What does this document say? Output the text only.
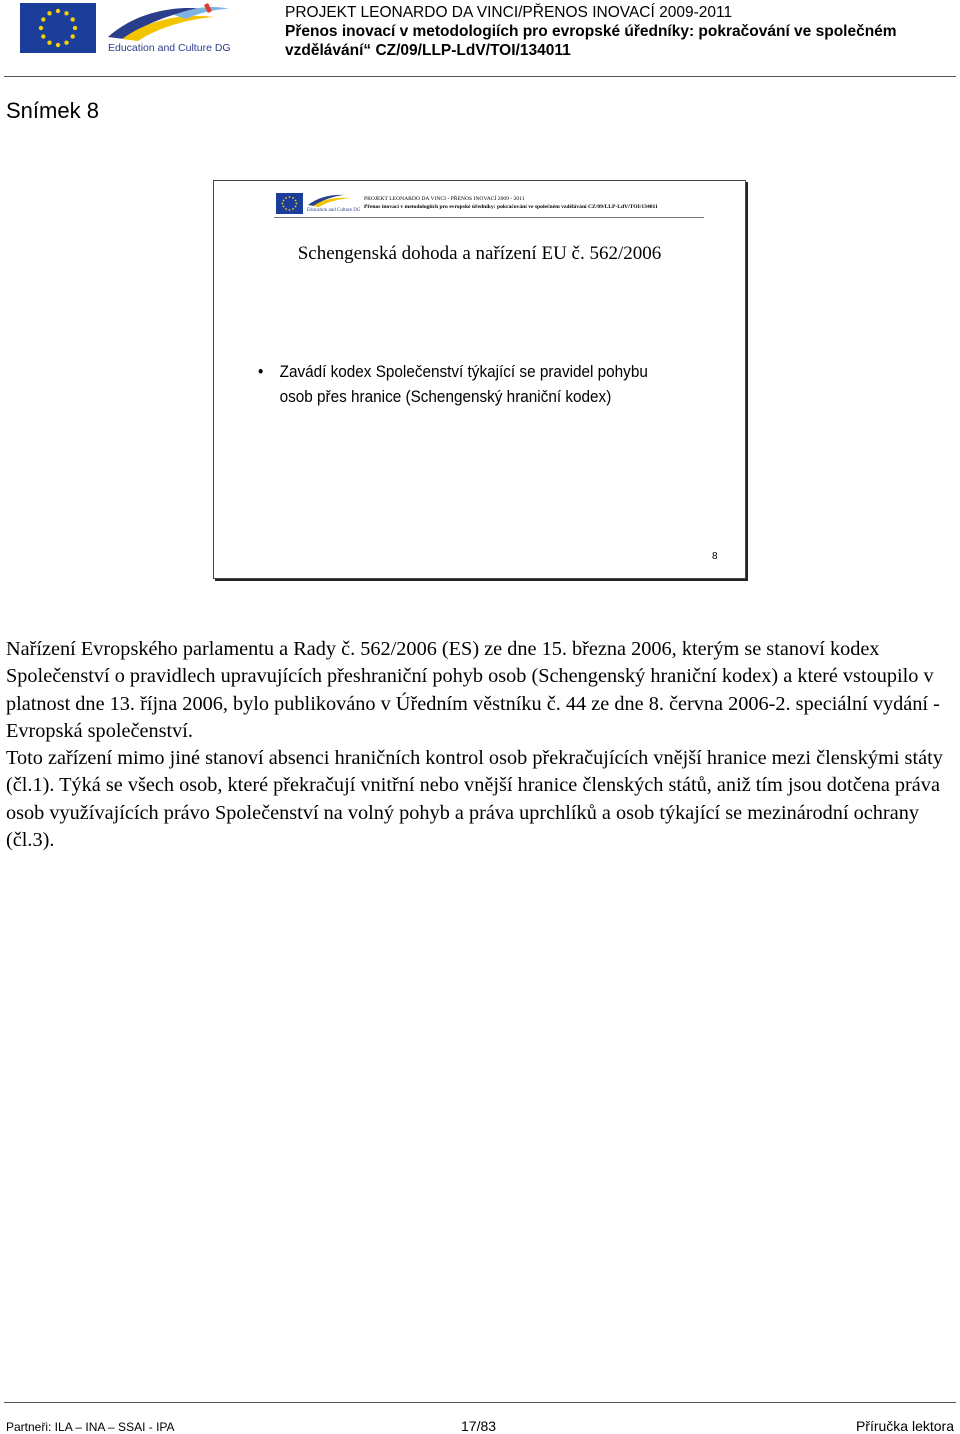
Education and Culture DG
PROJEKT LEONARDO DA VINCI/PŘENOS INOVACÍ 2009-2011
Přenos inovací v metodologiích pro evropské úředníky: pokračování ve společném
vzdělávání“ CZ/09/LLP-LdV/TOI/134011
Snímek 8
Education and Culture DG
PROJEKT LEONARDO DA VINCI - PŘENOS INOVACÍ 2009 - 2011
Přenos inovací v metodologiích pro evropské úředníky: pokračování ve společném vzdělávání CZ/09/LLP-LdV/TOI/134011
Schengenská dohoda a nařízení EU č. 562/2006
• Zavádí kodex Společenství týkající se pravidel pohybu osob přes hranice (Schengenský hraniční kodex)
8

Nařízení Evropského parlamentu a Rady č. 562/2006 (ES) ze dne 15. března 2006, kterým se stanoví kodex Společenství o pravidlech upravujících přeshraniční pohyb osob (Schengenský hraniční kodex) a které vstoupilo v platnost dne 13. října 2006, bylo publikováno v Úředním věstníku č. 44 ze dne 8. června 2006-2. speciální vydání - Evropská společenství.

Toto zařízení mimo jiné stanoví absenci hraničních kontrol osob překračujících vnější hranice mezi členskými státy (čl.1). Týká se všech osob, které překračují vnitřní nebo vnější hranice členských států, aniž tím jsou dotčena práva osob využívajících právo Společenství na volný pohyb a práva uprchlíků a osob týkající se mezinárodní ochrany (čl.3).

Partneři: ILA – INA – SSAI - IPA	17/83	Příručka lektora
